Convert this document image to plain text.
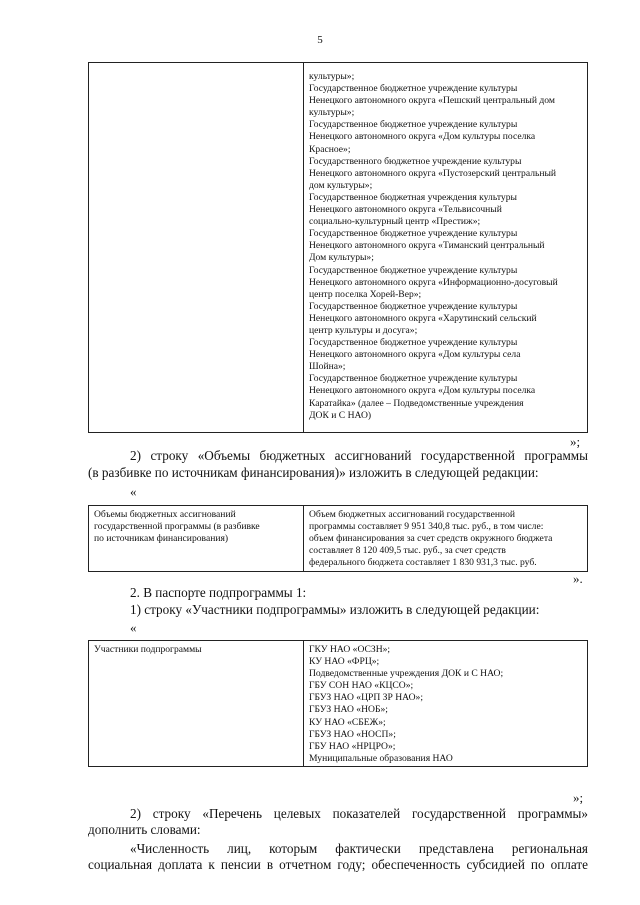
5

культуры»;
Государственное бюджетное учреждение культуры
Ненецкого автономного округа «Пешский центральный дом
культуры»;
Государственное бюджетное учреждение культуры
Ненецкого автономного округа «Дом культуры поселка
Красное»;
Государственного бюджетное учреждение культуры
Ненецкого автономного округа «Пустозерский центральный
дом культуры»;
Государственное бюджетная учреждения культуры
Ненецкого автономного округа «Тельвисочный
социально-культурный центр «Престиж»;
Государственное бюджетное учреждение культуры
Ненецкого автономного округа «Тиманский центральный
Дом культуры»;
Государственное бюджетное учреждение культуры
Ненецкого автономного округа «Информационно-досуговый
центр поселка Хорей-Вер»;
Государственное бюджетное учреждение культуры
Ненецкого автономного округа «Харутинский сельский
центр культуры и досуга»;
Государственное бюджетное учреждение культуры
Ненецкого автономного округа «Дом культуры села
Шойна»;
Государственное бюджетное учреждение культуры
Ненецкого автономного округа «Дом культуры поселка
Каратайка» (далее – Подведомственные учреждения
ДОК и С НАО)
»;
2) строку «Объемы бюджетных ассигнований государственной программы
(в разбивке по источникам финансирования)» изложить в следующей редакции:
«
Объемы бюджетных ассигнований
государственной программы (в разбивке
по источникам финансирования)

Объем бюджетных ассигнований государственной
программы составляет 9 951 340,8 тыс. руб., в том числе:
объем финансирования за счет средств окружного бюджета
составляет 8 120 409,5 тыс. руб., за счет средств
федерального бюджета составляет 1 830 931,3 тыс. руб.
».
2. В паспорте подпрограммы 1:
1) строку «Участники подпрограммы» изложить в следующей редакции:
«
Участники подпрограммы	ГКУ НАО «ОСЗН»;
КУ НАО «ФРЦ»;
Подведомственные учреждения ДОК и С НАО;
ГБУ СОН НАО «КЦСО»;
ГБУЗ НАО «ЦРП ЗР НАО»;
ГБУЗ НАО «НОБ»;
КУ НАО «СБЕЖ»;
ГБУЗ НАО «НОСП»;
ГБУ НАО «НРЦРО»;
Муниципальные образования НАО
»;
2) строку «Перечень целевых показателей государственной программы»
дополнить словами:
«Численность лиц, которым фактически представлена региональная
социальная доплата к пенсии в отчетном году; обеспеченность субсидией по оплате
